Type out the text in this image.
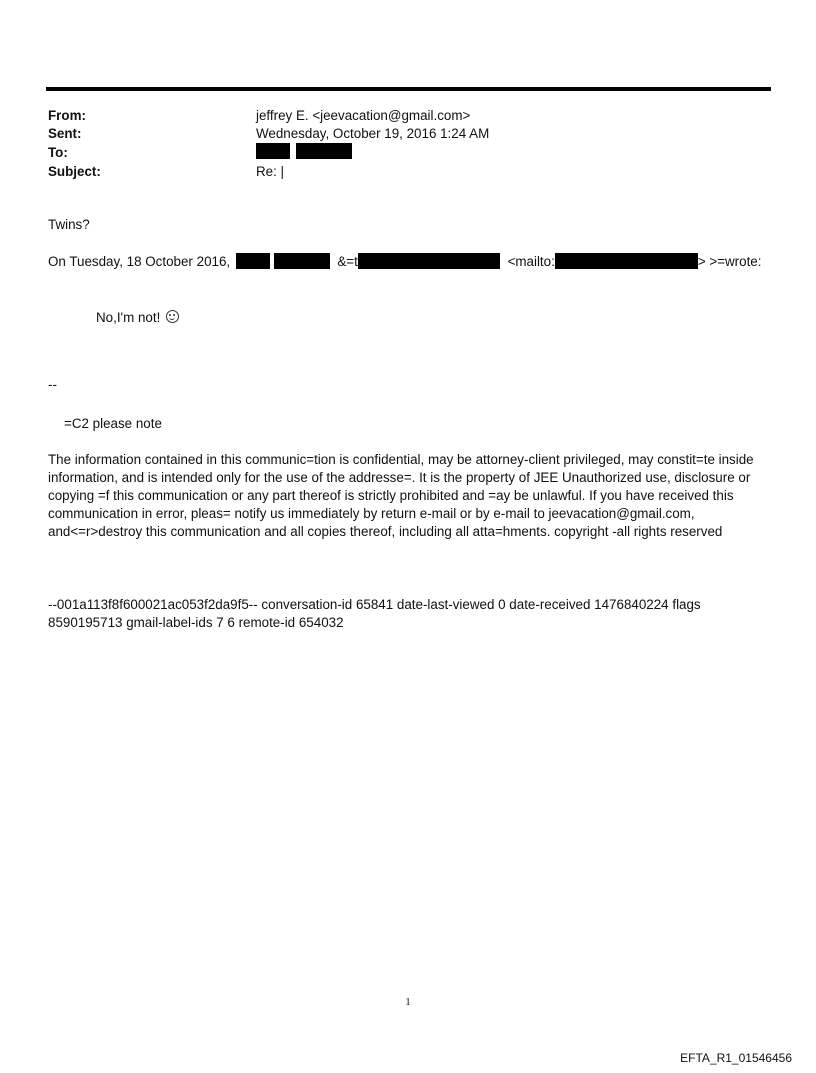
From:	jeffrey E. <jeevacation@gmail.com>
Sent:	Wednesday, October 19, 2016 1:24 AM
To:

Subject:	Re: |
Twins?
On Tuesday, 18 October 2016,	&=t	<mailto:	> >=wrote:
No,I'm not!
--
=C2 please note
The information contained in this communic=tion is confidential, may be attorney-client privileged, may constit=te inside information, and is intended only for the use of the addresse=. It is the property of JEE Unauthorized use, disclosure or copying =f this communication or any part thereof is strictly prohibited and =ay be unlawful. If you have received this communication in error, pleas= notify us immediately by return e-mail or by e-mail to jeevacation@gmail.com, and<=r>destroy this communication and all copies thereof, including all atta=hments. copyright -all rights reserved
--001a113f8f600021ac053f2da9f5-- conversation-id 65841 date-last-viewed 0 date-received 1476840224 flags 8590195713 gmail-label-ids 7 6 remote-id 654032
1
EFTA_R1_01546456
